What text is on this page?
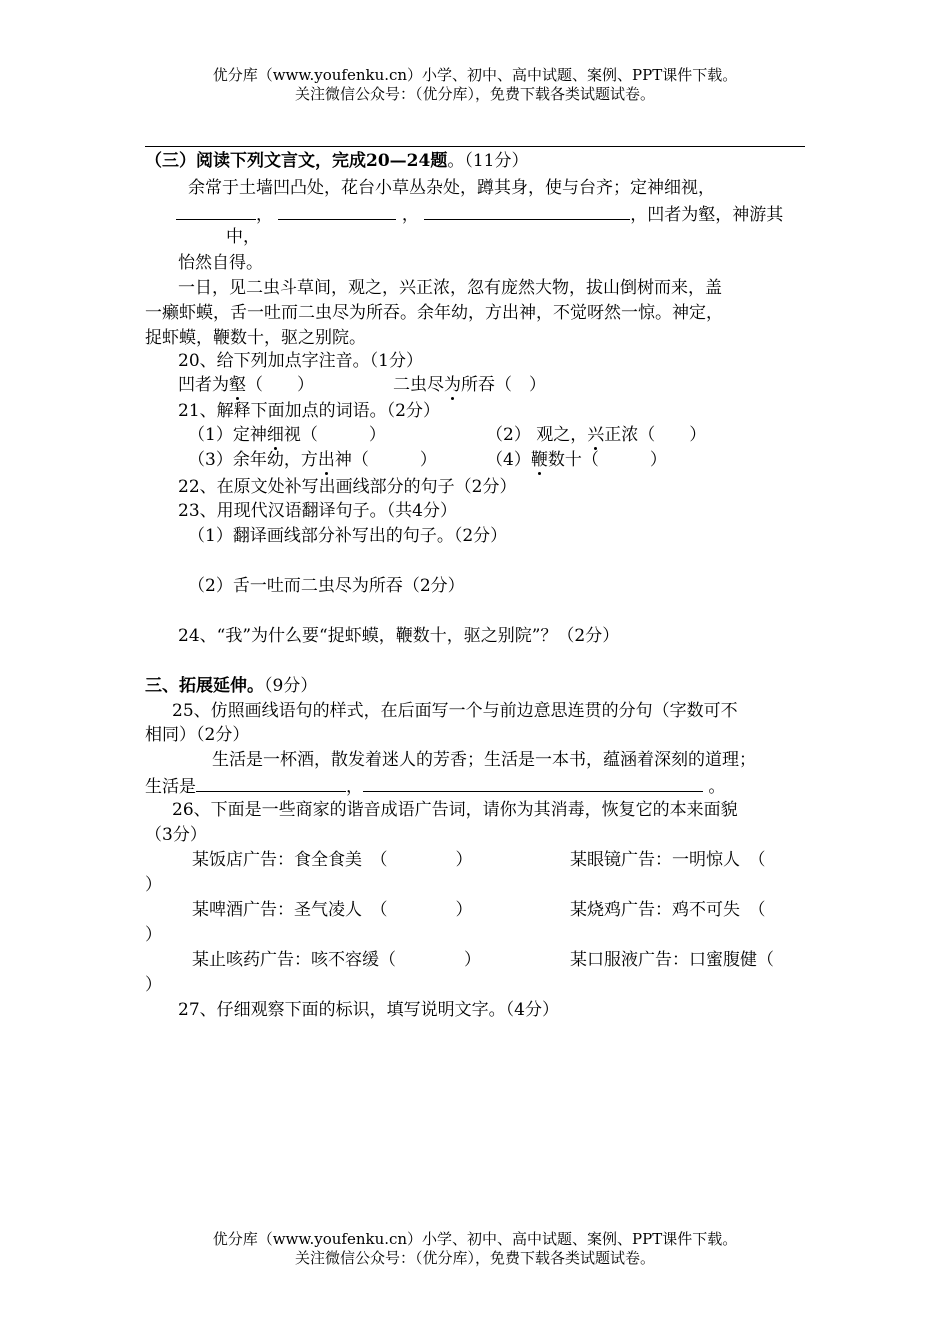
优分库（www.youfenku.cn）小学、初中、高中试题、案例、PPT课件下载。
关注微信公众号：（优分库），免费下载各类试题试卷。
（三）阅读下列文言文，完成20—24题。（11分）
余常于土墙凹凸处，花台小草丛杂处，蹲其身，使与台齐；定神细视，
，	，	，凹者为壑，神游其
中，
怡然自得。
一日，见二虫斗草间，观之，兴正浓，忽有庞然大物，拔山倒树而来，盖
一癞虾蟆，舌一吐而二虫尽为所吞。余年幼，方出神，不觉呀然一惊。神定，
捉虾蟆，鞭数十，驱之别院。
20、给下列加点字注音。（1分）
凹者为壑（　　）	二虫尽为所吞（　）
21、解释下面加点的词语。（2分）
（1）定神细视（　　　）	（2） 观之，兴正浓（　　）
（3）余年幼，方出神（　　　）	（4）鞭数十（　　　）
22、在原文处补写出画线部分的句子（2分）
23、用现代汉语翻译句子。（共4分）
（1）翻译画线部分补写出的句子。（2分）
（2）舌一吐而二虫尽为所吞（2分）
24、“我”为什么要“捉虾蟆，鞭数十，驱之别院”？（2分）
三、拓展延伸。（9分）
25、仿照画线语句的样式，在后面写一个与前边意思连贯的分句（字数可不
相同）（2分）
生活是一杯酒，散发着迷人的芳香；生活是一本书，蕴涵着深刻的道理；
生活是	，	。
26、下面是一些商家的谐音成语广告词，请你为其消毒，恢复它的本来面貌
（3分）
某饭店广告：食全食美　（　　　　）	某眼镜广告：一明惊人　（
）
某啤酒广告：圣气凌人　（　　　　）	某烧鸡广告：鸡不可失　（
）
某止咳药广告：咳不容缓（　　　　）	某口服液广告：口蜜腹健（
）
27、仔细观察下面的标识，填写说明文字。（4分）
优分库（www.youfenku.cn）小学、初中、高中试题、案例、PPT课件下载。
关注微信公众号：（优分库），免费下载各类试题试卷。
